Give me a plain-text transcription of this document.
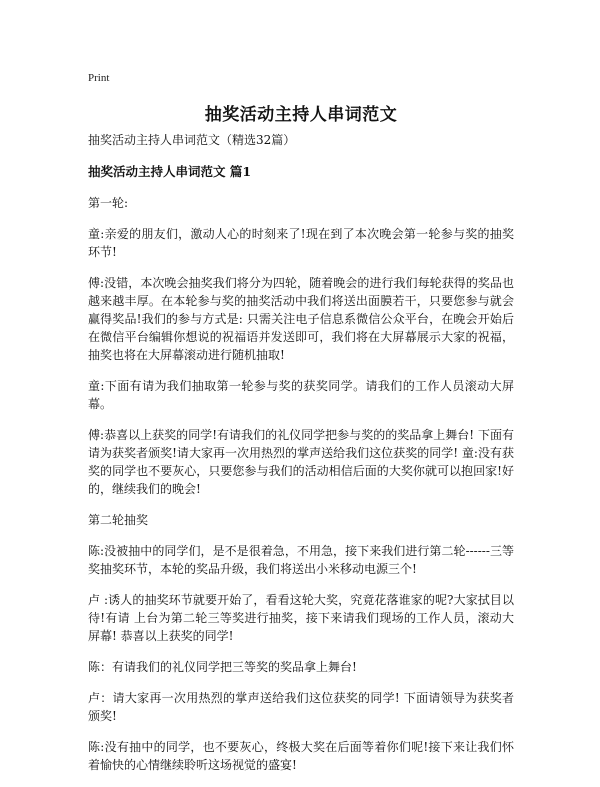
Print
抽奖活动主持人串词范文

抽奖活动主持人串词范文（精选32篇）

抽奖活动主持人串词范文 篇1

第一轮:

童:亲爱的朋友们，激动人心的时刻来了!现在到了本次晚会第一轮参与奖的抽奖环节!

傅:没错，本次晚会抽奖我们将分为四轮，随着晚会的进行我们每轮获得的奖品也越来越丰厚。在本轮参与奖的抽奖活动中我们将送出面膜若干，只要您参与就会赢得奖品!我们的参与方式是: 只需关注电子信息系微信公众平台，在晚会开始后在微信平台编辑你想说的祝福语并发送即可，我们将在大屏幕展示大家的祝福，抽奖也将在大屏幕滚动进行随机抽取!

童:下面有请为我们抽取第一轮参与奖的获奖同学。请我们的工作人员滚动大屏幕。

傅:恭喜以上获奖的同学!有请我们的礼仪同学把参与奖的的奖品拿上舞台! 下面有请为获奖者颁奖!请大家再一次用热烈的掌声送给我们这位获奖的同学! 童:没有获奖的同学也不要灰心，只要您参与我们的活动相信后面的大奖你就可以抱回家!好的，继续我们的晚会!

第二轮抽奖

陈:没被抽中的同学们，是不是很着急，不用急，接下来我们进行第二轮------三等奖抽奖环节，本轮的奖品升级，我们将送出小米移动电源三个!

卢 :诱人的抽奖环节就要开始了，看看这轮大奖，究竟花落谁家的呢?大家拭目以待!有请 上台为第二轮三等奖进行抽奖，接下来请我们现场的工作人员，滚动大屏幕! 恭喜以上获奖的同学!

陈：有请我们的礼仪同学把三等奖的奖品拿上舞台!

卢：请大家再一次用热烈的掌声送给我们这位获奖的同学! 下面请领导为获奖者颁奖!

陈:没有抽中的同学，也不要灰心，终极大奖在后面等着你们呢!接下来让我们怀着愉快的心情继续聆听这场视觉的盛宴!
